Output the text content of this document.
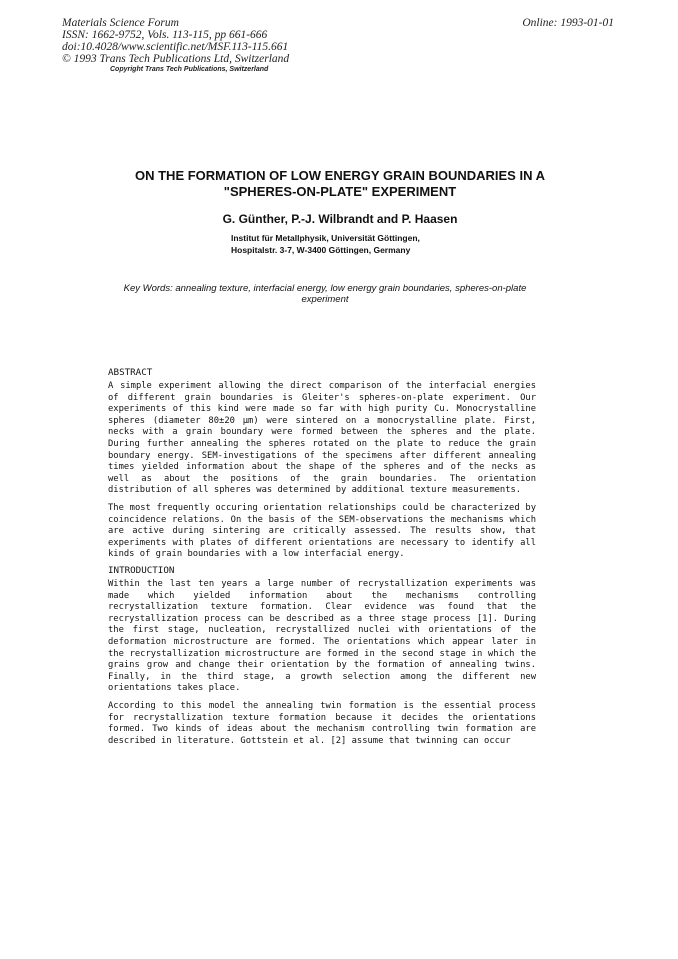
Materials Science Forum
ISSN: 1662-9752, Vols. 113-115, pp 661-666
doi:10.4028/www.scientific.net/MSF.113-115.661
© 1993 Trans Tech Publications Ltd, Switzerland
Online: 1993-01-01
Copyright Trans Tech Publications, Switzerland
ON THE FORMATION OF LOW ENERGY GRAIN BOUNDARIES IN A
"SPHERES-ON-PLATE" EXPERIMENT
G. Günther, P.-J. Wilbrandt and P. Haasen
Institut für Metallphysik, Universität Göttingen,
Hospitalstr. 3-7, W-3400 Göttingen, Germany
Key Words: annealing texture, interfacial energy, low energy grain boundaries, spheres-on-plate experiment
ABSTRACT

A simple experiment allowing the direct comparison of the interfacial energies of different grain boundaries is Gleiter's spheres-on-plate experiment. Our experiments of this kind were made so far with high purity Cu. Monocrystalline spheres (diameter 80±20 µm) were sintered on a monocrystalline plate. First, necks with a grain boundary were formed between the spheres and the plate. During further annealing the spheres rotated on the plate to reduce the grain boundary energy. SEM-investigations of the specimens after different annealing times yielded information about the shape of the spheres and of the necks as well as about the positions of the grain boundaries. The orientation distribution of all spheres was determined by additional texture measurements.

The most frequently occuring orientation relationships could be characterized by coincidence relations. On the basis of the SEM-observations the mechanisms which are active during sintering are critically assessed. The results show, that experiments with plates of different orientations are necessary to identify all kinds of grain boundaries with a low interfacial energy.

INTRODUCTION

Within the last ten years a large number of recrystallization experiments was made which yielded information about the mechanisms controlling recrystallization texture formation. Clear evidence was found that the recrystallization process can be described as a three stage process [1]. During the first stage, nucleation, recrystallized nuclei with orientations of the deformation microstructure are formed. The orientations which appear later in the recrystallization microstructure are formed in the second stage in which the grains grow and change their orientation by the formation of annealing twins. Finally, in the third stage, a growth selection among the different new orientations takes place.

According to this model the annealing twin formation is the essential process for recrystallization texture formation because it decides the orientations formed. Two kinds of ideas about the mechanism controlling twin formation are described in literature. Gottstein et al. [2] assume that twinning can occur
